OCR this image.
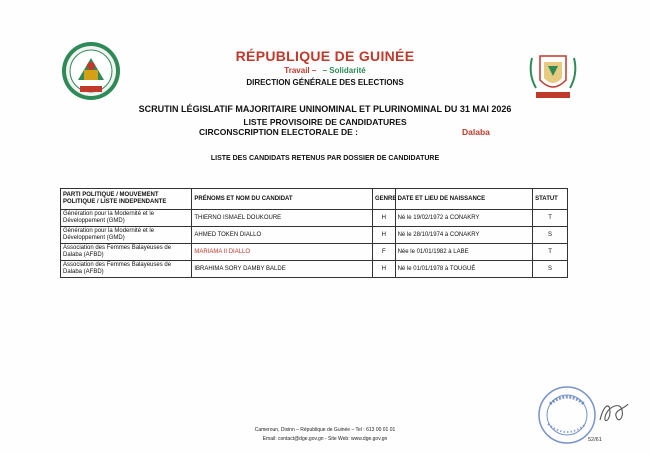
RÉPUBLIQUE DE GUINÉE
Travail – – Solidarité
DIRECTION GÉNÉRALE DES ELECTIONS
SCRUTIN LÉGISLATIF MAJORITAIRE UNINOMINAL ET PLURINOMINAL DU 31 MAI 2026
LISTE PROVISOIRE DE CANDIDATURES
CIRCONSCRIPTION ELECTORALE DE :	Dalaba
LISTE DES CANDIDATS RETENUS PAR DOSSIER DE CANDIDATURE
PARTI POLITIQUE / MOUVEMENT POLITIQUE / LISTE INDEPENDANTE	PRÉNOMS ET NOM DU CANDIDAT	GENRE	DATE ET LIEU DE NAISSANCE	STATUT
Génération pour la Modernité et le Développement (GMD)	THIERNO ISMAEL DOUKOURE	H	Né le 19/02/1972 à CONAKRY	T
Génération pour la Modernité et le Développement (GMD)	AHMED TOKEN DIALLO	H	Né le 28/10/1974 à CONAKRY	S
Association des Femmes Balayeuses de Dalaba (AFBD)	MARIAMA II DIALLO	F	Née le 01/01/1982 à LABE	T
Association des Femmes Balayeuses de Dalaba (AFBD)	IBRAHIMA SORY DAMBY BALDE	H	Né le 01/01/1978 à TOUGUÉ	S
Cameroun, Dixinn – République de Guinée – Tel : 613 00 01 01
Email: contact@dge.gov.gn - Site Web: www.dge.gov.gn	52/61
